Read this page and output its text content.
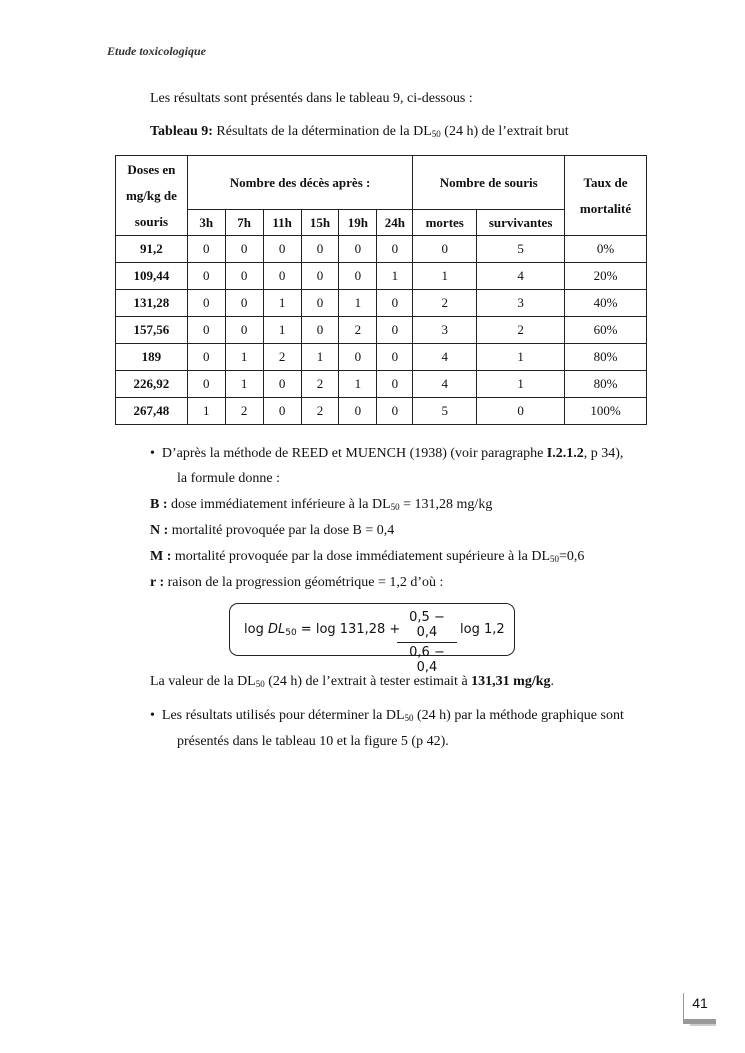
Etude toxicologique
Les résultats sont présentés dans le tableau 9, ci-dessous :
Tableau 9: Résultats de la détermination de la $DL_{50}$ (24 h) de l’extrait brut
Doses en
mg/kg de
souris	Nombre des décès après :						Nombre de souris		Taux de
mortalité
	3h	7h	11h	15h	19h	24h	mortes	survivantes	
91,2	0	0	0	0	0	0	0	5	0%
109,44	0	0	0	0	0	1	1	4	20%
131,28	0	0	1	0	1	0	2	3	40%
157,56	0	0	1	0	2	0	3	2	60%
189	0	1	2	1	0	0	4	1	80%
226,92	0	1	0	2	1	0	4	1	80%
267,48	1	2	0	2	0	0	5	0	100%
•  D’après la méthode de REED et MUENCH (1938) (voir paragraphe I.2.1.2, p 34),
la formule donne :
B : dose immédiatement inférieure à la $DL_{50} = 131,28$ mg/kg
N : mortalité provoquée par la dose B = 0,4
M : mortalité provoquée par la dose immédiatement supérieure à la $DL_{50}=0,6$
r : raison de la progression géométrique = 1,2 d’où :
$\log DL_{50} = \log 131,28$ +
$\frac{0,5 - 0,4}{0,6 - 0,4}$ log 1,2
La valeur de la $DL_{50}$ (24 h) de l’extrait à tester estimait à 131,31 mg/kg.
•  Les résultats utilisés pour déterminer la $DL_{50}$ (24 h) par la méthode graphique sont
présentés dans le tableau 10 et la figure 5 (p 42).
41
